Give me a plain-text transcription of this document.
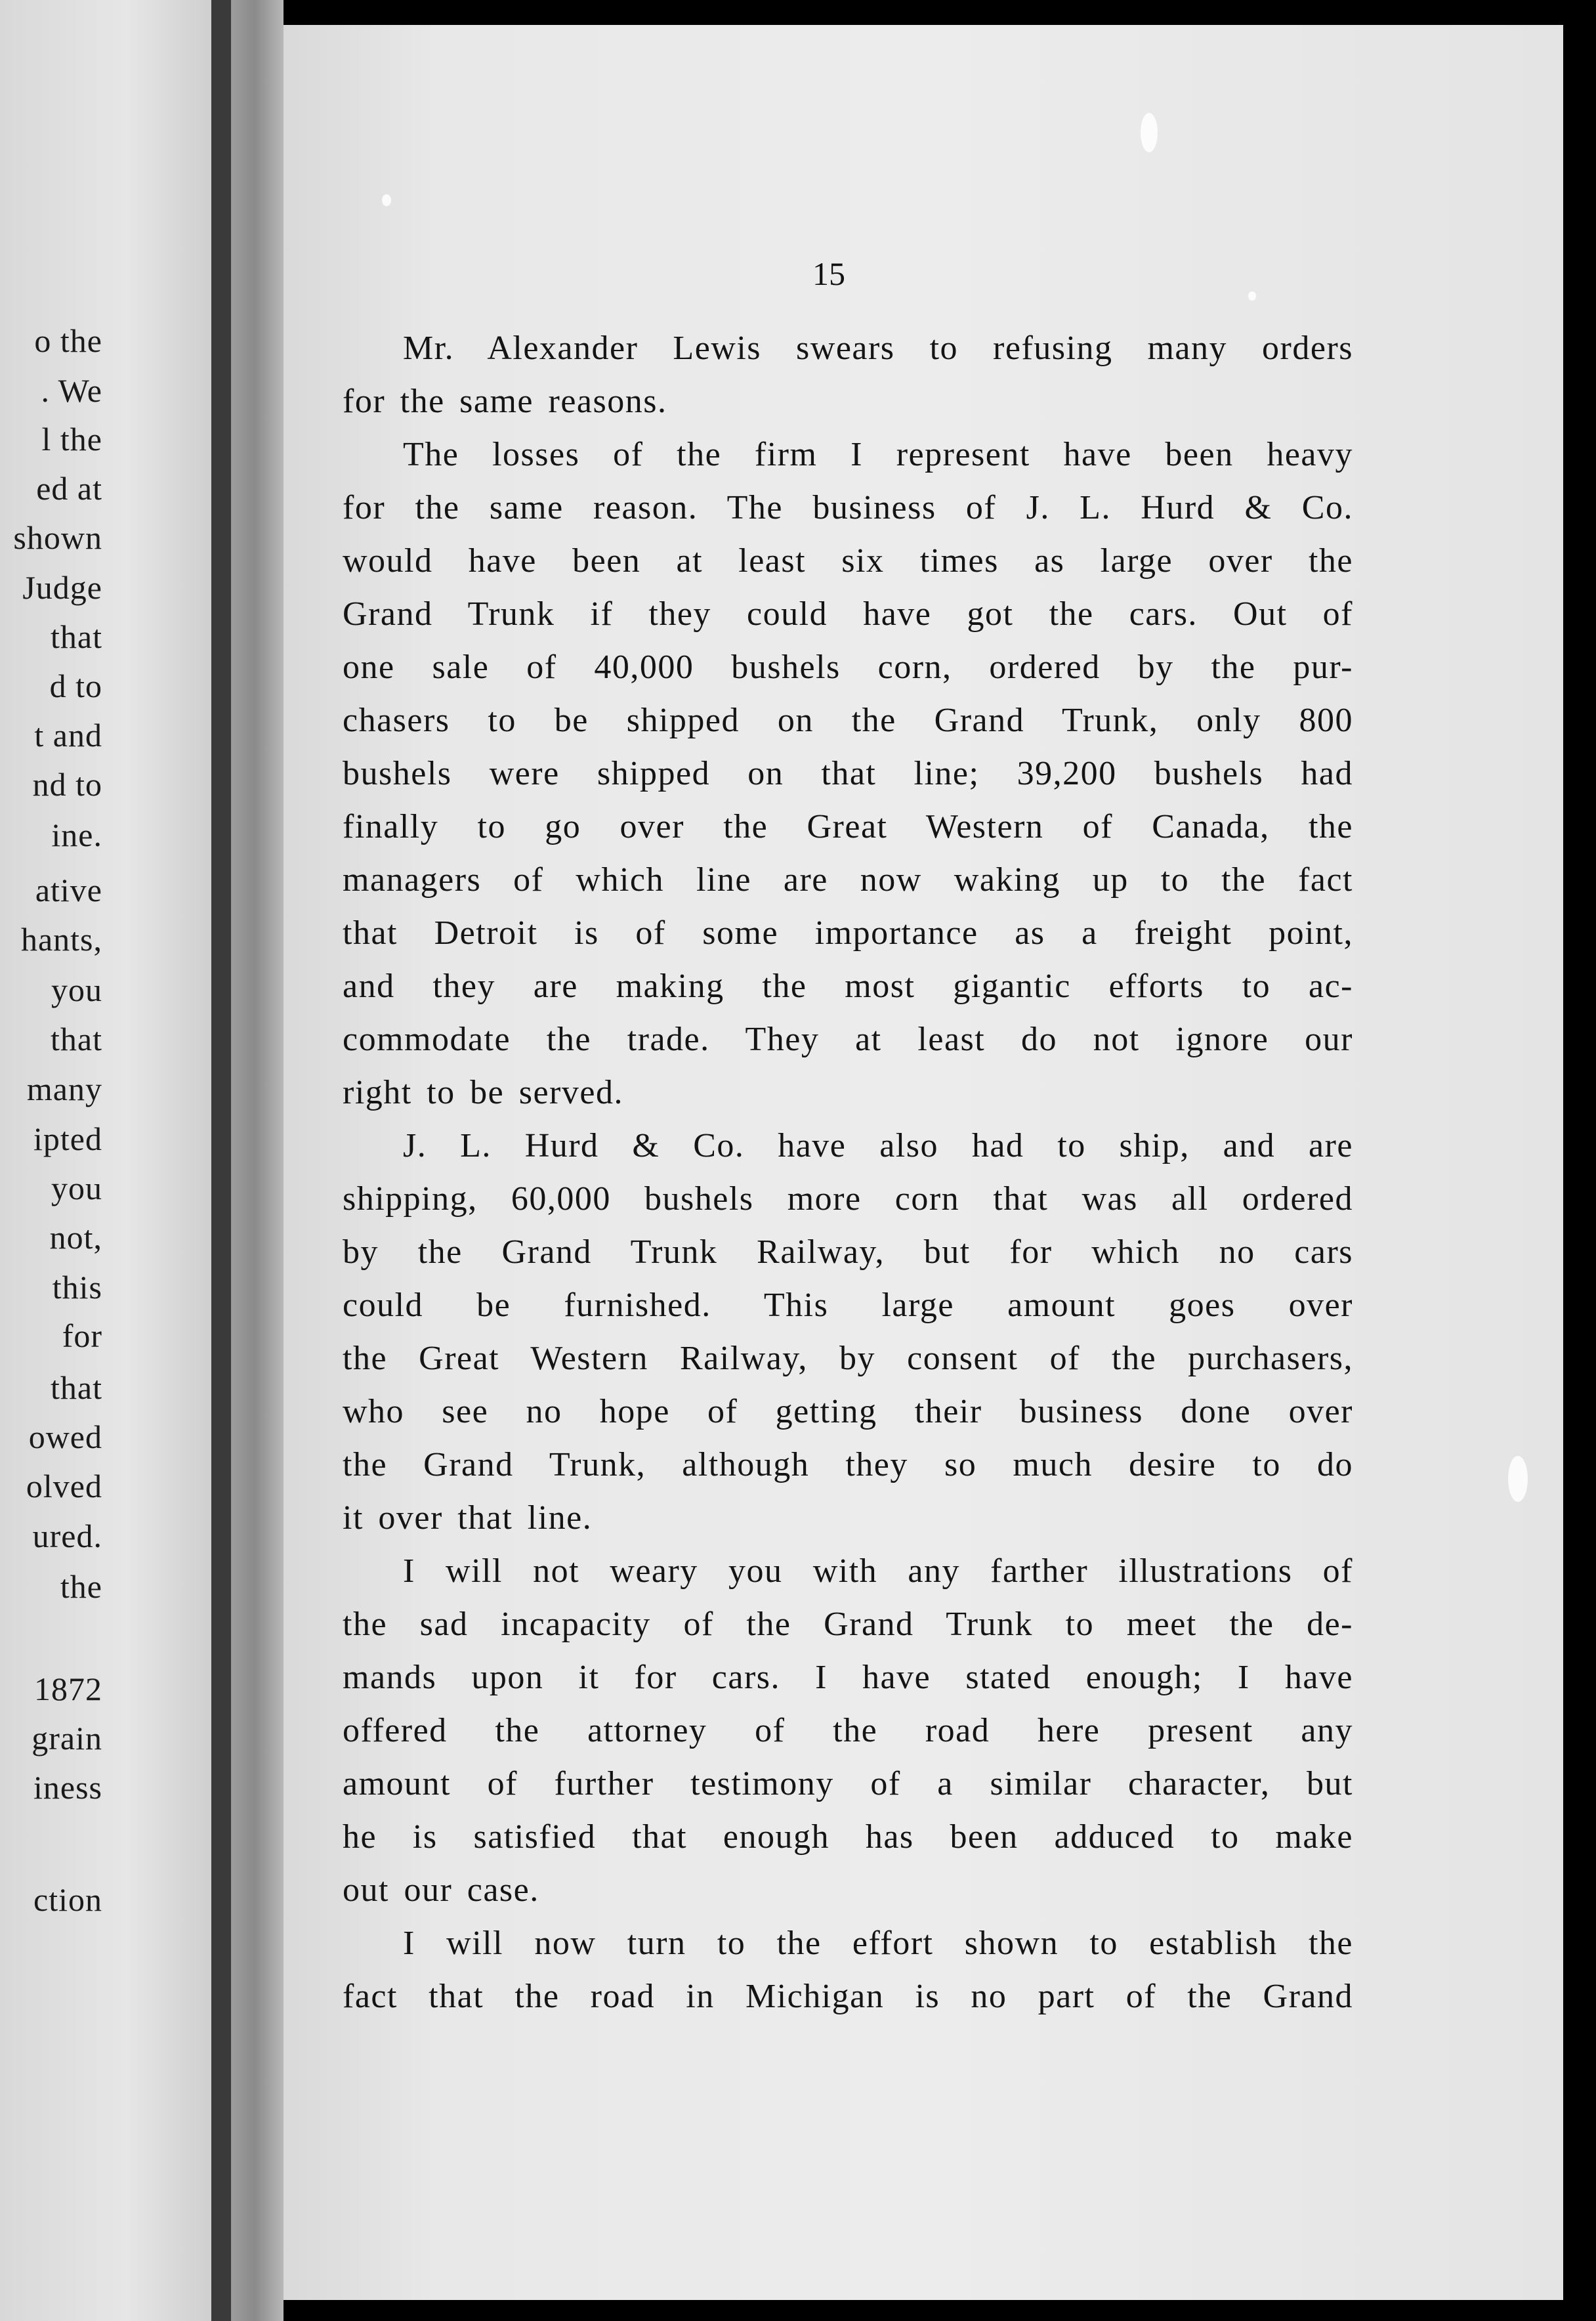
o the
. We
l the
ed at
shown
Judge
that
d to
t and
nd to
ine.
ative
hants,
you
that
many
ipted
you
not,
this
for
that
owed
olved
ured.
the
1872
grain
iness
ction
15
Mr. Alexander Lewis swears to refusing many orders
for the same reasons.
The losses of the firm I represent have been heavy
for the same reason. The business of J. L. Hurd & Co.
would have been at least six times as large over the
Grand Trunk if they could have got the cars. Out of
one sale of 40,000 bushels corn, ordered by the pur-
chasers to be shipped on the Grand Trunk, only 800
bushels were shipped on that line; 39,200 bushels had
finally to go over the Great Western of Canada, the
managers of which line are now waking up to the fact
that Detroit is of some importance as a freight point,
and they are making the most gigantic efforts to ac-
commodate the trade. They at least do not ignore our
right to be served.
J. L. Hurd & Co. have also had to ship, and are
shipping, 60,000 bushels more corn that was all ordered
by the Grand Trunk Railway, but for which no cars
could be furnished. This large amount goes over
the Great Western Railway, by consent of the purchasers,
who see no hope of getting their business done over
the Grand Trunk, although they so much desire to do
it over that line.
I will not weary you with any farther illustrations of
the sad incapacity of the Grand Trunk to meet the de-
mands upon it for cars. I have stated enough; I have
offered the attorney of the road here present any
amount of further testimony of a similar character, but
he is satisfied that enough has been adduced to make
out our case.
I will now turn to the effort shown to establish the
fact that the road in Michigan is no part of the Grand
